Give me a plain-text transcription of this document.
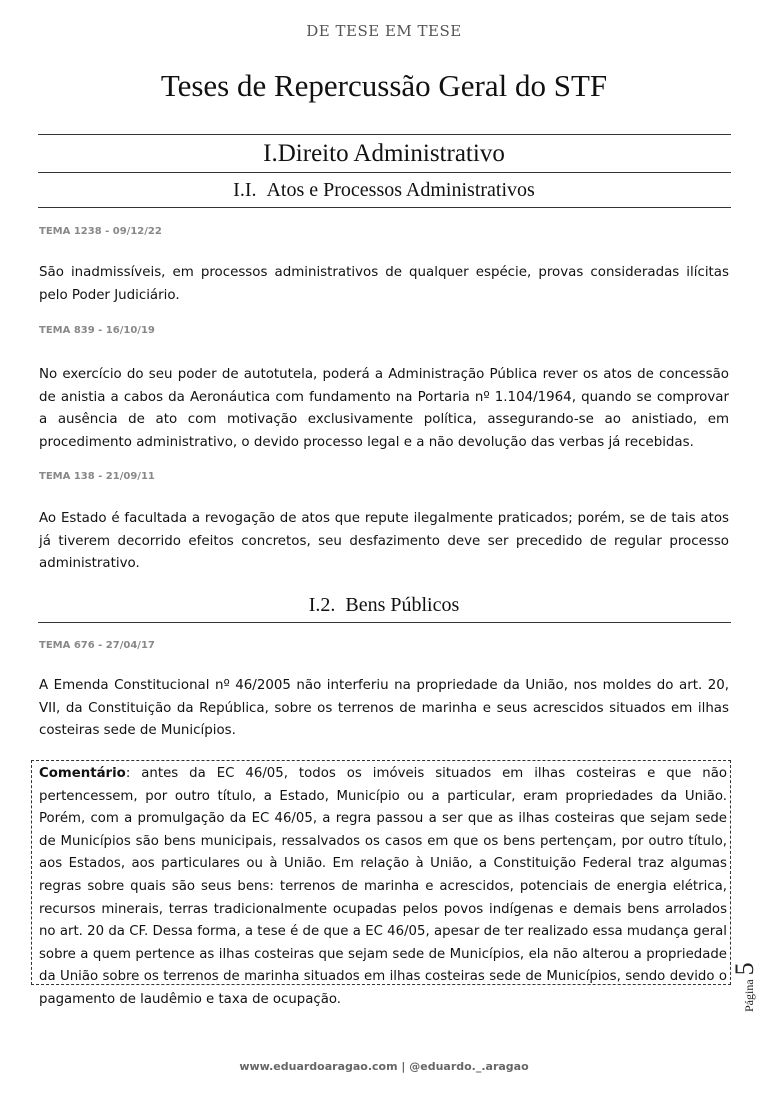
DE TESE EM TESE
Teses de Repercussão Geral do STF
I.Direito Administrativo
I.I. Atos e Processos Administrativos
TEMA 1238 - 09/12/22
São inadmissíveis, em processos administrativos de qualquer espécie, provas consideradas ilícitas pelo Poder Judiciário.
TEMA 839 - 16/10/19
No exercício do seu poder de autotutela, poderá a Administração Pública rever os atos de concessão de anistia a cabos da Aeronáutica com fundamento na Portaria nº 1.104/1964, quando se comprovar a ausência de ato com motivação exclusivamente política, assegurando-se ao anistiado, em procedimento administrativo, o devido processo legal e a não devolução das verbas já recebidas.
TEMA 138 - 21/09/11
Ao Estado é facultada a revogação de atos que repute ilegalmente praticados; porém, se de tais atos já tiverem decorrido efeitos concretos, seu desfazimento deve ser precedido de regular processo administrativo.
I.2. Bens Públicos
TEMA 676 - 27/04/17
A Emenda Constitucional nº 46/2005 não interferiu na propriedade da União, nos moldes do art. 20, VII, da Constituição da República, sobre os terrenos de marinha e seus acrescidos situados em ilhas costeiras sede de Municípios.
Comentário: antes da EC 46/05, todos os imóveis situados em ilhas costeiras e que não pertencessem, por outro título, a Estado, Município ou a particular, eram propriedades da União. Porém, com a promulgação da EC 46/05, a regra passou a ser que as ilhas costeiras que sejam sede de Municípios são bens municipais, ressalvados os casos em que os bens pertençam, por outro título, aos Estados, aos particulares ou à União. Em relação à União, a Constituição Federal traz algumas regras sobre quais são seus bens: terrenos de marinha e acrescidos, potenciais de energia elétrica, recursos minerais, terras tradicionalmente ocupadas pelos povos indígenas e demais bens arrolados no art. 20 da CF. Dessa forma, a tese é de que a EC 46/05, apesar de ter realizado essa mudança geral sobre a quem pertence as ilhas costeiras que sejam sede de Municípios, ela não alterou a propriedade da União sobre os terrenos de marinha situados em ilhas costeiras sede de Municípios, sendo devido o pagamento de laudêmio e taxa de ocupação.	Página 5
www.eduardoaragao.com | @eduardo._.aragao
